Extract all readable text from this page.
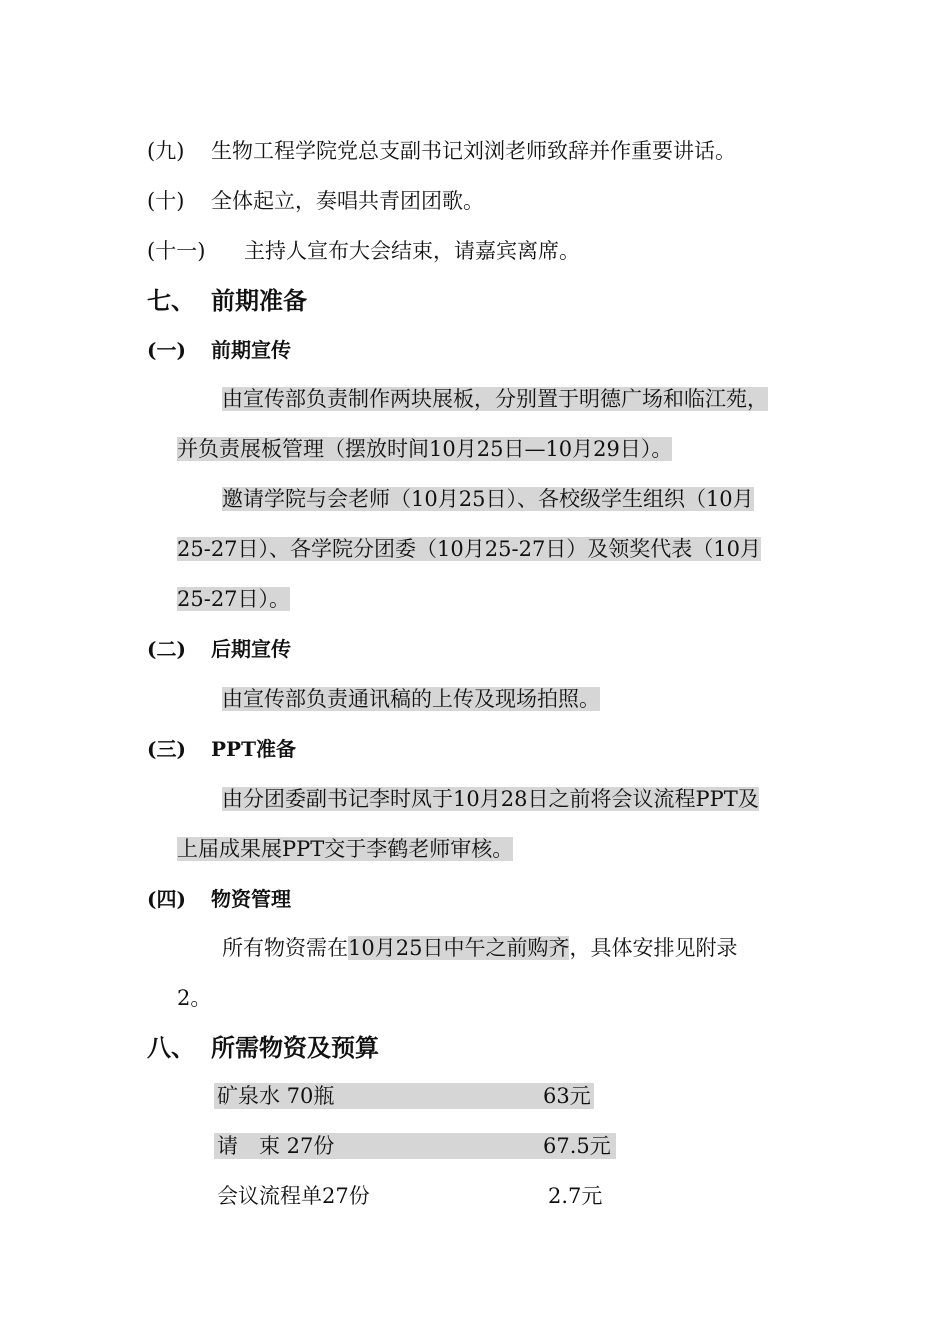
(九) 生物工程学院党总支副书记刘浏老师致辞并作重要讲话。
(十) 全体起立，奏唱共青团团歌。
(十一) 主持人宣布大会结束，请嘉宾离席。
七、 前期准备
(一) 前期宣传
由宣传部负责制作两块展板，分别置于明德广场和临江苑，
并负责展板管理（摆放时间10月25日—10月29日）。
邀请学院与会老师（10月25日）、各校级学生组织（10月
25-27日）、各学院分团委（10月25-27日）及领奖代表（10月
25-27日）。
(二) 后期宣传
由宣传部负责通讯稿的上传及现场拍照。
(三) PPT准备
由分团委副书记李时凤于10月28日之前将会议流程PPT及
上届成果展PPT交于李鹤老师审核。
(四) 物资管理
所有物资需在10月25日中午之前购齐，具体安排见附录
2。
八、 所需物资及预算
矿泉水 70瓶	63元
请　束 27份	67.5元
会议流程单27份	2.7元
